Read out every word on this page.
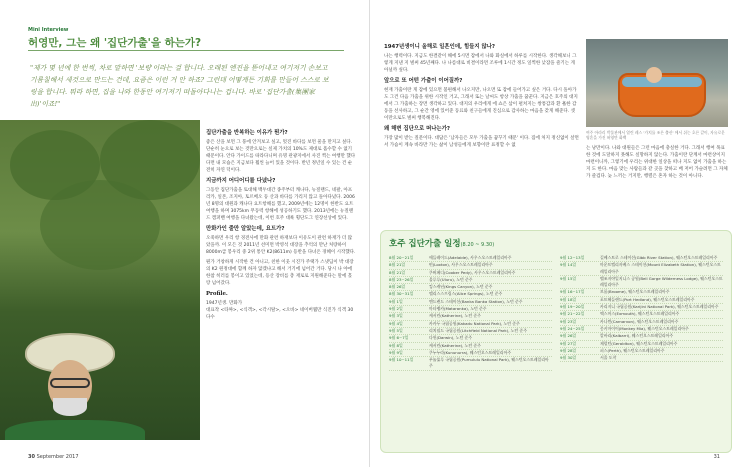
Mini Interview
허영만, 그는 왜 '집단가출'을 하는가?
"제가 몇 년에 한 번씩, 차로 말하면 '보링'이라는 걸 합니다. 오래된 엔진을 뜯어내고 여기저기 손보고 기름칠해서 새것으로 만드는 건데, 요즘은 이런 거 안 하죠? 그런데 어떻게든 기회를 만들어 스스로 보링을 합니다. 뭐라 하면, 집을 나와 한동안 여기저기 떠돌아다니는 겁니다. 바로 '집단가출(集團家出)'이죠!"
집단가출을 반복하는 이유가 뭔가?

좋은 산을 보면 그 풍에 안겨보고 싶고, 멋진 바다를 보면 물을 만지고 싶다. 단순히 눈으로 보는 것만으로는 실제 가치의 10%도 제대로 흡수할 수 없기 때문이다. 안다 가이드를 따라다니며 유명 관광지에서 사진 찍는 여행만 했다다면 내 모습은 지금보다 훨씬 늙어 있을 것이다. 반년 정년일 수 있는 건 순전히 자연 덕이다.

지금까지 어디어디를 다녔나?

그동안 집단가출을 토대해 백두대간 종주부터 캐나다, 뉴질랜드, 네팔, 아프리카, 일본, 조지아, 토르베오 등 산과 바다를 가리지 않고 돌아다녔다. 2006년 8명의 대원과 캐나다 요트항해를 했고, 2009년에는 12명이 한반도 요트 여행을 하며 3075km 무동력 항해에 성공하기도 했다. 2013년에는 뉴질랜드 캠퍼밴 여행을 다녀왔는데, 이번 호주 대륙 횡단도그 연장선상에 있다.

만화가인 줄만 알았는데, 요트가?

오죽하면 우리 항 경전사에 만화 관련 하재보다 이유도이 관련 하재가 더 많았을까. 이 모든 것 2011년 선미면 박영석 대장을 추억의 만난 처량하이 8000m급 봉우리 중 2위 통안 K2(8611m) 등반을 다녀온 경혜이 시작했다.

뭔가 거창하게 시작한 건 아니고, 친한 이웃 시진가 주택가 스냇딥이 박 대장의 K2 원정대에 함께 하자 않겠냐고 해서 거기에 넘어간 거다. 당시 나 야에 한참 히러를 봉이고 있었는데, 등산 장비를 총 재로로 지원해준다는 말에 홀랑 넘어갔다.

Profile.

1947년생. 만화가
대표작 <타짜>, <식객>, <각시탈>, <오바> 네이버웹만 식진가 식객 30 다수

30 September 2017
1947년생이니 올해로 일흔인데, 힘들지 않나?

나는 행력이다. 지금도 한결같이 해에 5시면 잠에서 나와 화실에서 하루를 시작한다. 생각해보니 그렇게 지낸 지 벌써 45년째다. 나 나름대로 비결이라면 조루에 1시간 정도 일찍한 낮잠을 즐기는 게 아닐까 싶다.

앞으로 또 어떤 가출이 이어질까?

현재 가출이란 게 잠에 있으면 불편해서 나오지만, 나오면 또 잠에 들어가고 싶은 거다. 다시 돌아가도 그건 다음 가출을 위한 시작인 거고, 그래서 또는 날씨도 항상 가출을 꿈꾼다. 지금은 호주의 대지에서 그 가출하는 장면 생각하고 있다. 대지의 우리에게 에 쇼은 삼이 펼쳐지는 쌍통감과 환 훌한 감동을 선사하고, 그 순간 영에 있어준 동료와 친구들에게 진심으로 감사하는 마음을 갖게 해준다. 셋이만으로도 벌써 행복해진다.

왜 해변 집단으로 떠나는가?

가장 많이 받는 질문이다. 대답은 '남자들은 모두 가출을 꿈꾸기 때문' 이다. 집에 처지 정신없이 살면서 가슴이 계속 바라만 가는 삶이 남성들에게 보향이란 표정할 수 없

여주 아라리 박물관에서 열린 레스 '가치를 조른 출산' 에서 쉬는 호른 같이, 자유로운 영혼을 가진 허영만 화백

는 낭만이다. 나와 대원들은 그런 마음에 충실한 거다. 그래서 행여 목표한 것에 도달하지 못해도 실망하지 않는다. 가출이란 단계서 마련상이지 마련이니까, 그렇기에 우리는 위대한 일상을 떠나 지도 없이 가출을 하는지 도 한다. 마음 맞는 사람들과 같 곳을 찾하고 배 저어 가슬려면 그 자체가 즐겁다. 늦 느끼는 거지만, 행렬은 혼자 하는 것이 아니다.

호주 집단가출 일정(8.20 ~ 9.30)
8월 20~21일	애들레이드(Adelaide), 사우스오스트레일리아주
8월 21일	펀(Loxton), 사우스오스트레일리아주
8월 21일	쿠버페디(Coober Pedy), 사우스오스트레일리아주
8월 23~26일	울루루(Uluru), 노던 준주
8월 26일	킹스캐년(Kings Canyon), 노던 준주
8월 30~31일	앨리스스프링스(Alice Springs), 노던 준주
9월 1일	엔드랜드 스테이션(Banka Banka Station), 노던 준주
9월 2일	마타랭카(Mataranka), 노던 준주
9월 3일	캐서린(Katherine), 노던 준주
9월 4일	카카두 국립공원(Kakadu National Park), 노던 준주
9월 5일	리치필드 국립공원(Litchfield National Park), 노던 준주
9월 6~7일	다윈(Darwin), 노던 준주
9월 8일	캐서린(Katherine), 노던 준주
9월 9일	쿠누누라(Kununurra), 웨스턴오스트레일리아주
9월 10~11일	푸눌룰루 국립공원(Purnululu National Park), 웨스턴오스트레일리아주
9월 12~13일	길베스트로 스테이션(Gibb River Station), 웨스턴오스트레일리아주
9월 14일	마운트엘리자베스 스테이션(Mount Elizabeth Station), 웨스턴오스트레일리아주
9월 15일	벨조지야일지니스 공원(Bell Gorge Wilderness Lodge), 웨스턴오스트레일리아주
9월 16~17일	브룸(Broome), 웨스턴오스트레일리아주
9월 18일	포트헤들랜드(Port Hedland), 웨스턴오스트레일리아주
9월 19~20일	카리지니 국립공원(Karijini National Park), 웨스턴오스트레일리아주
9월 21~22일	엑스머스(Exmouth), 웨스턴오스트레일리아주
9월 23일	카나번(Carnarvon), 웨스턴오스트레일리아주
9월 24~25일	몽키마이어(Monkey Mia), 웨스턴오스트레일리아주
9월 26일	칼바리(Kalbarri), 웨스턴오스트레일리아주
9월 27일	제럴턴(Geraldton), 웨스턴오스트레일리아주
9월 28일	퍼스(Perth), 웨스턴오스트레일리아주
9월 30일	서울 도착
31
